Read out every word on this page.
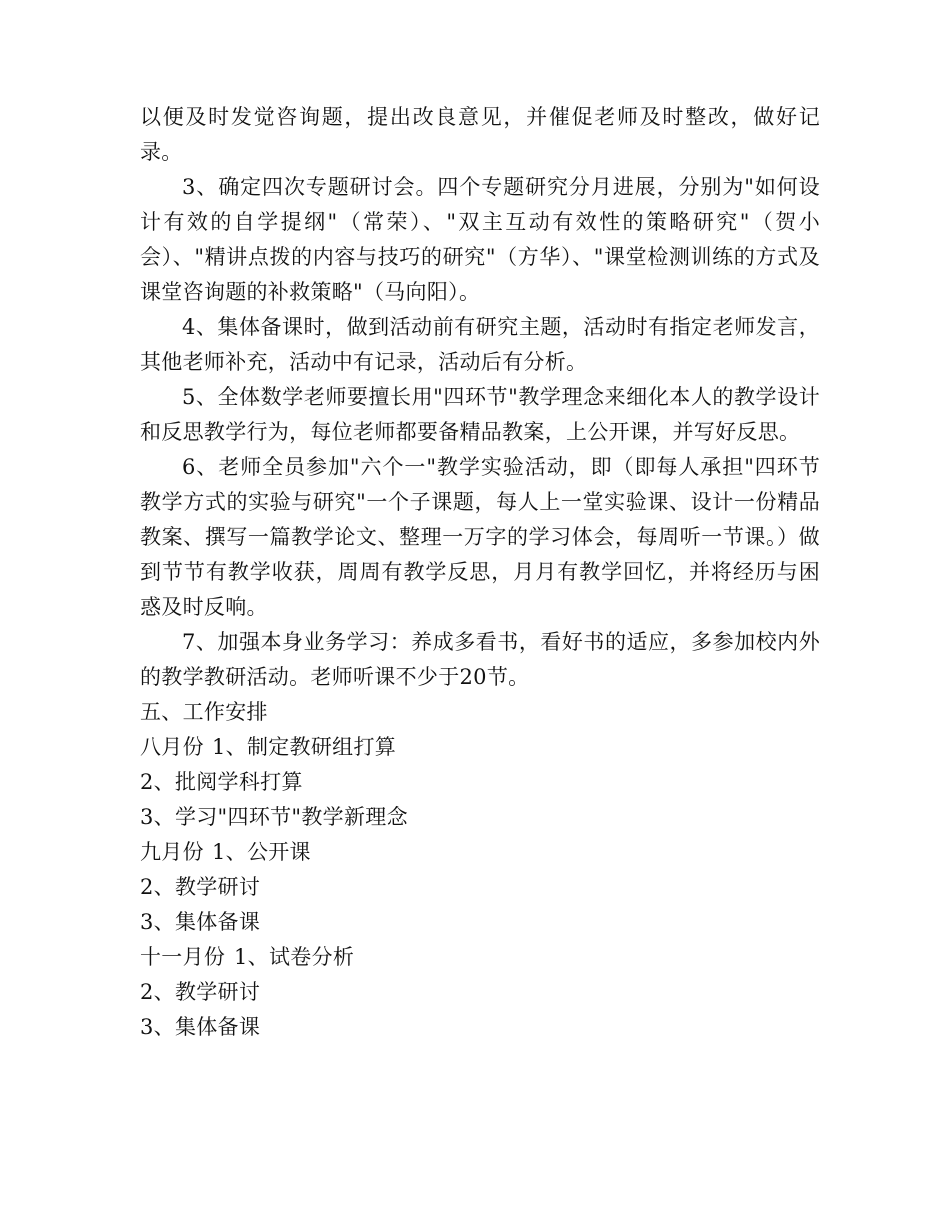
以便及时发觉咨询题，提出改良意见，并催促老师及时整改，做好记录。

3、确定四次专题研讨会。四个专题研究分月进展，分别为"如何设计有效的自学提纲"（常荣）、"双主互动有效性的策略研究"（贺小会）、"精讲点拨的内容与技巧的研究"（方华）、"课堂检测训练的方式及课堂咨询题的补救策略"（马向阳）。

4、集体备课时，做到活动前有研究主题，活动时有指定老师发言，其他老师补充，活动中有记录，活动后有分析。

5、全体数学老师要擅长用"四环节"教学理念来细化本人的教学设计和反思教学行为，每位老师都要备精品教案，上公开课，并写好反思。

6、老师全员参加"六个一"教学实验活动，即（即每人承担"四环节教学方式的实验与研究"一个子课题，每人上一堂实验课、设计一份精品教案、撰写一篇教学论文、整理一万字的学习体会，每周听一节课。）做到节节有教学收获，周周有教学反思，月月有教学回忆，并将经历与困惑及时反响。

7、加强本身业务学习：养成多看书，看好书的适应，多参加校内外的教学教研活动。老师听课不少于20节。

五、工作安排

八月份 1、制定教研组打算

2、批阅学科打算

3、学习"四环节"教学新理念

九月份 1、公开课

2、教学研讨

3、集体备课

十一月份 1、试卷分析

2、教学研讨

3、集体备课
